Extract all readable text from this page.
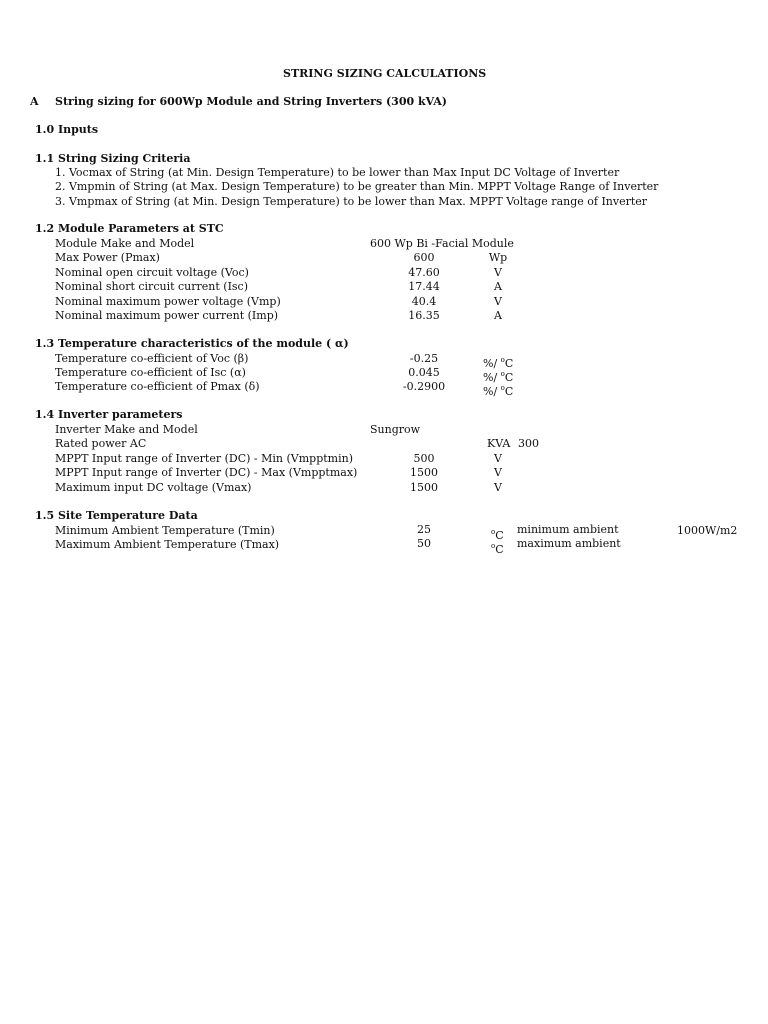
STRING SIZING CALCULATIONS
A String sizing for 600Wp Module and String Inverters (300 kVA)
1.0 Inputs
1.1 String Sizing Criteria
1. Vocmax of String (at Min. Design Temperature) to be lower than Max Input DC Voltage of Inverter
2. Vmpmin of String (at Max. Design Temperature) to be greater than Min. MPPT Voltage Range of Inverter
3. Vmpmax of String (at Min. Design Temperature) to be lower than Max. MPPT Voltage range of Inverter
1.2 Module Parameters at STC
Module Make and Model	600 Wp Bi -Facial Module
Max Power (Pmax)	600	Wp
Nominal open circuit voltage (Voc)	47.60	V
Nominal short circuit current (Isc)	17.44	A
Nominal maximum power voltage (Vmp)	40.4	V
Nominal maximum power current (Imp)	16.35	A
1.3 Temperature characteristics of the module ( α)
Temperature co-efficient of Voc (β)	-0.25	%/ $^o$C
Temperature co-efficient of Isc (α)	0.045	%/ $^o$C
Temperature co-efficient of Pmax (δ)	-0.2900	%/ $^o$C
1.4 Inverter parameters
Inverter Make and Model	Sungrow
Rated power AC	KVA 300
MPPT Input range of Inverter (DC) - Min (Vmpptmin)	500	V
MPPT Input range of Inverter (DC) - Max (Vmpptmax)	1500	V
Maximum input DC voltage (Vmax)	1500	V
1.5 Site Temperature Data
Minimum Ambient Temperature (Tmin)	25	$^o$C minimum ambient	1000W/m2
Maximum Ambient Temperature (Tmax)	50	$^o$C maximum ambient
